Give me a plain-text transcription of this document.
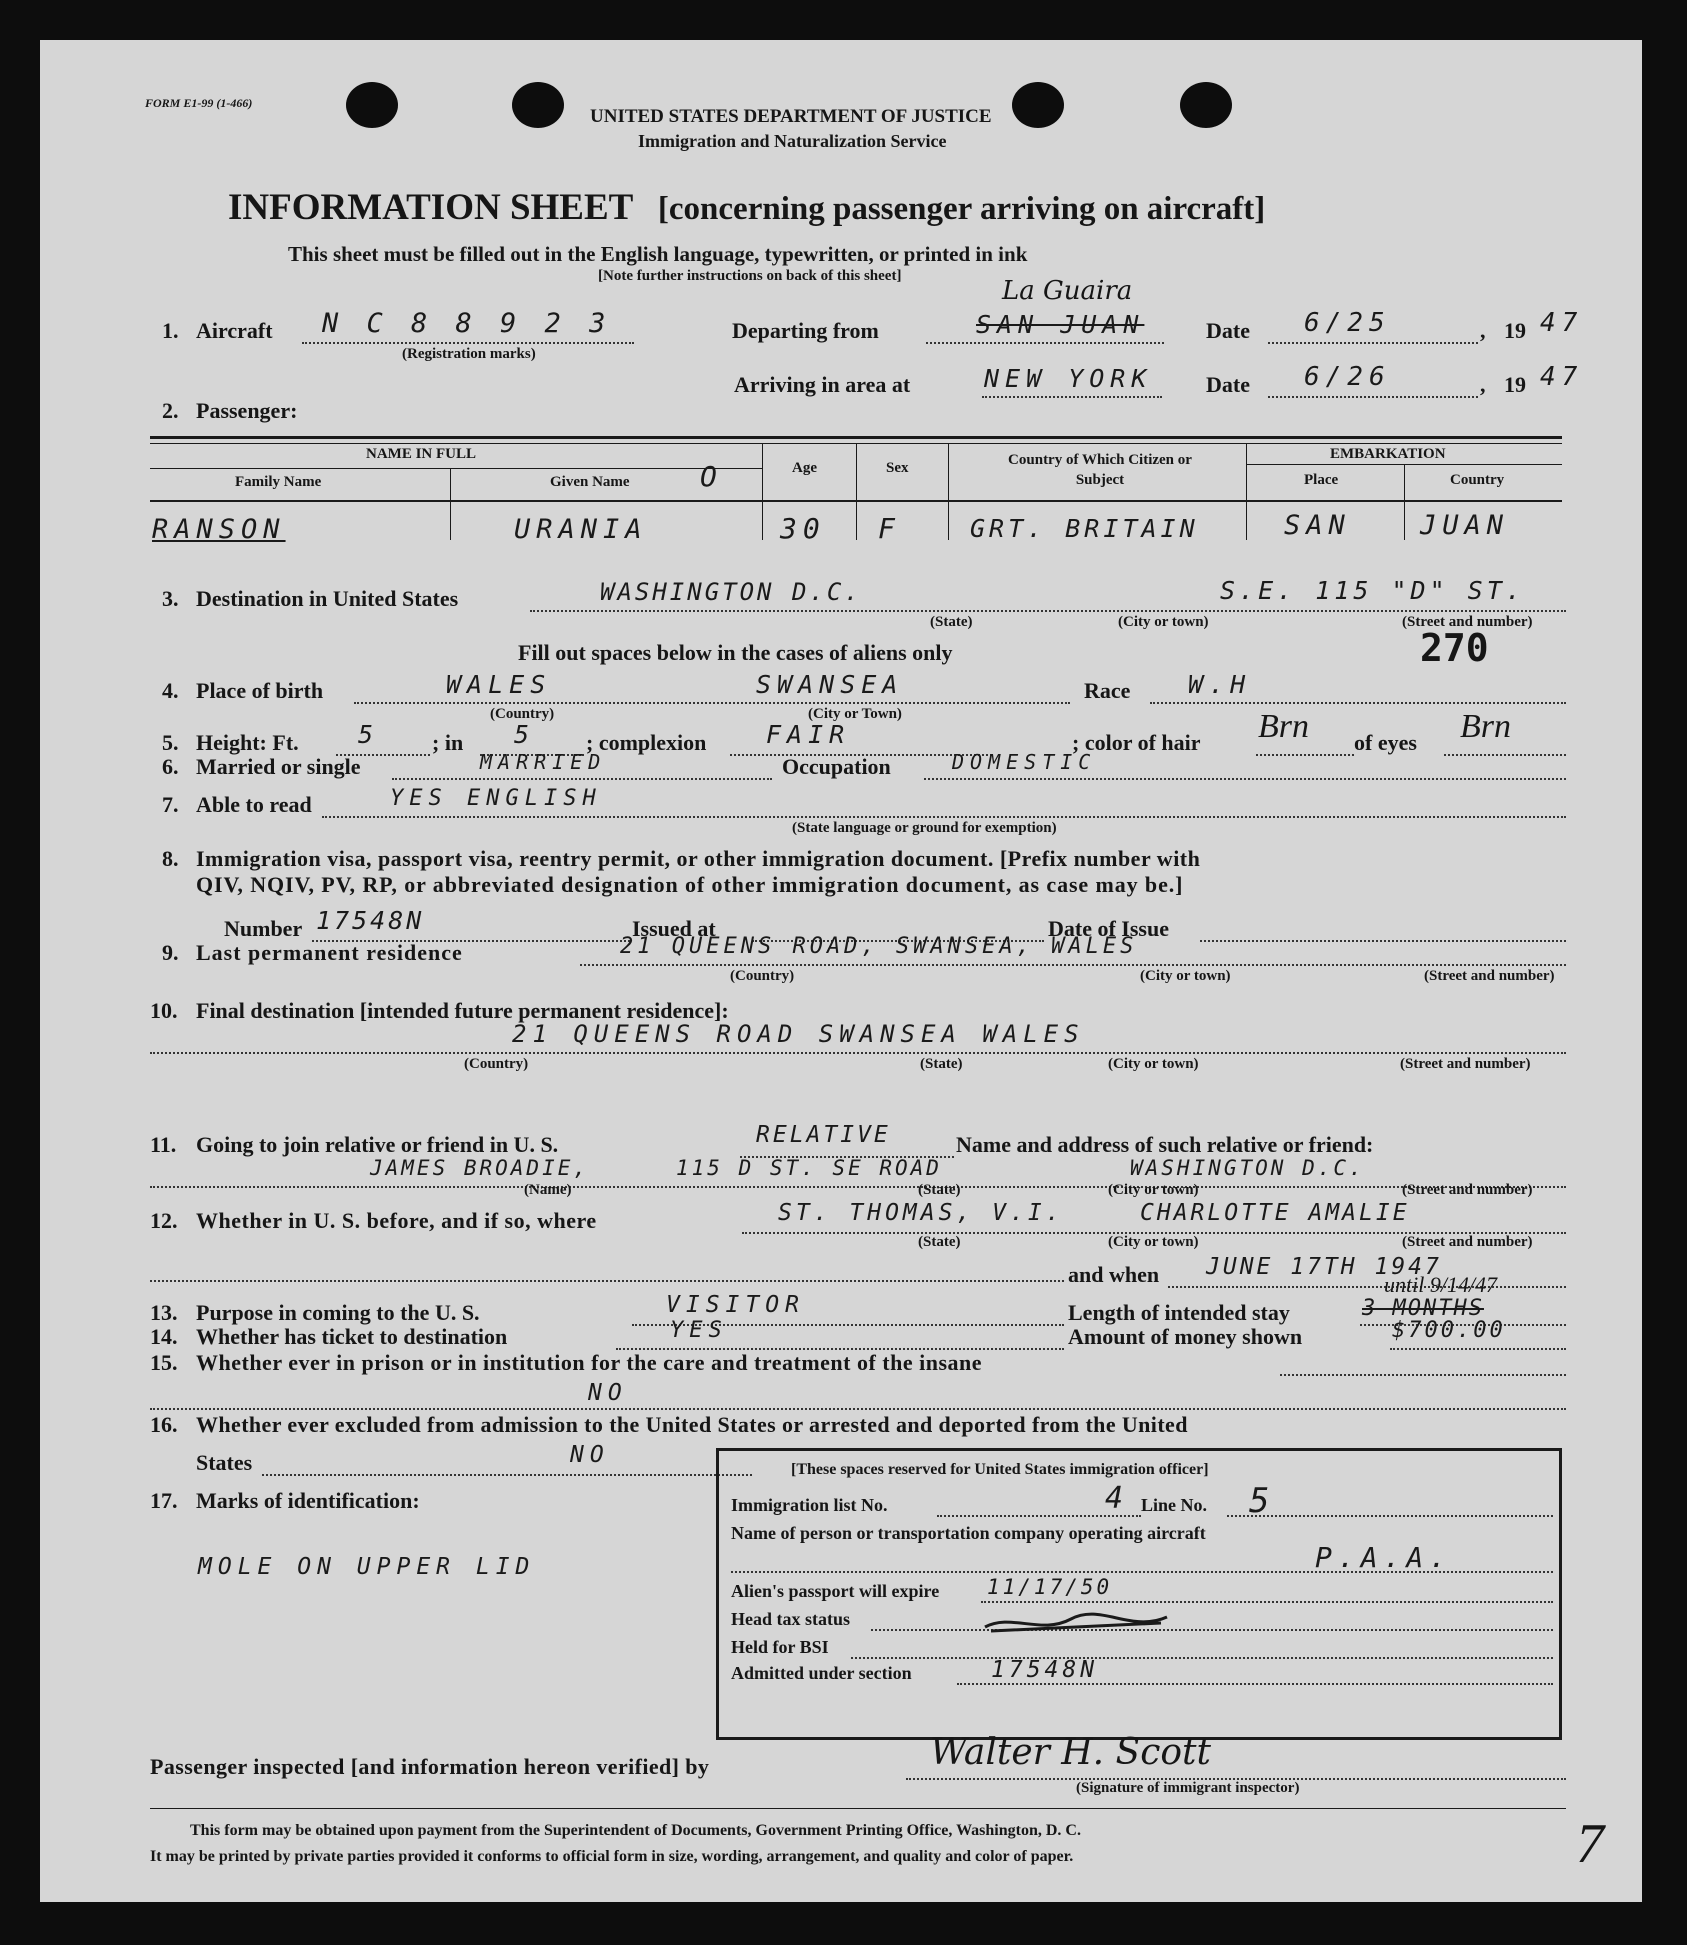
FORM E1-99 (1-466)
UNITED STATES DEPARTMENT OF JUSTICE
Immigration and Naturalization Service
INFORMATION SHEET [concerning passenger arriving on aircraft]
This sheet must be filled out in the English language, typewritten, or printed in ink
[Note further instructions on back of this sheet]
1. Aircraft N C 8 8 9 2 3
(Registration marks)
Departing from	SAN JUAN
La Guaira
Date 6/25	, 19 47
Arriving in area at	NEW YORK Date 6/26	, 19 47
2. Passenger:
NAME IN FULL
Family Name	Given Name	O	Age	Sex	Country of Which Citizen or Subject
EMBARKATION
Place	Country
RANSON	URANIA	30 F	GRT. BRITAIN	SAN	JUAN
3. Destination in United States	WASHINGTON D.C.	S.E. 115 "D" ST.
(State)	(City or town)	(Street and number)
Fill out spaces below in the cases of aliens only	270
4. Place of birth	WALES	SWANSEA
(Country)	(City or Town)
Race W.H
5. Height: Ft. 5 ; in 5 ; complexion FAIR	; color of hair Brn of eyes Brn
6. Married or single	MARRIED	Occupation	DOMESTIC
7. Able to read	YES ENGLISH
(State language or ground for exemption)
8. Immigration visa, passport visa, reentry permit, or other immigration document. [Prefix number with
QIV, NQIV, PV, RP, or abbreviated designation of other immigration document, as case may be.]
Number 17548N	Issued at	Date of Issue
9. Last permanent residence	21 QUEENS ROAD, SWANSEA, WALES
(Country)	(City or town)	(Street and number)
10. Final destination [intended future permanent residence]:
21 QUEENS ROAD SWANSEA WALES
(Country)	(State)	(City or town)	(Street and number)
11. Going to join relative or friend in U. S.	RELATIVE	Name and address of such relative or friend:
JAMES BROADIE,	115 D ST. SE ROAD	WASHINGTON D.C.
(Name)	(State)	(City or town)	(Street and number)
12. Whether in U. S. before, and if so, where	ST. THOMAS, V.I.	CHARLOTTE AMALIE
(State)	(City or town)	(Street and number)
and when JUNE 17TH 1947
13. Purpose in coming to the U. S.	VISITOR	Length of intended stay	3 MONTHS
until 9/14/47
14. Whether has ticket to destination	YES	Amount of money shown	$700.00
15. Whether ever in prison or in institution for the care and treatment of the insane
NO
16. Whether ever excluded from admission to the United States or arrested and deported from the United
States	NO
17. Marks of identification:
MOLE ON UPPER LID
[These spaces reserved for United States immigration officer]
Immigration list No.	4 Line No. 5
Name of person or transportation company operating aircraft
P.A.A.
Alien's passport will expire 11/17/50
Head tax status
Held for BSI
Admitted under section	17548N
Passenger inspected [and information hereon verified] by	Walter H. Scott
(Signature of immigrant inspector)
This form may be obtained upon payment from the Superintendent of Documents, Government Printing Office, Washington, D. C.
It may be printed by private parties provided it conforms to official form in size, wording, arrangement, and quality and color of paper.	7
